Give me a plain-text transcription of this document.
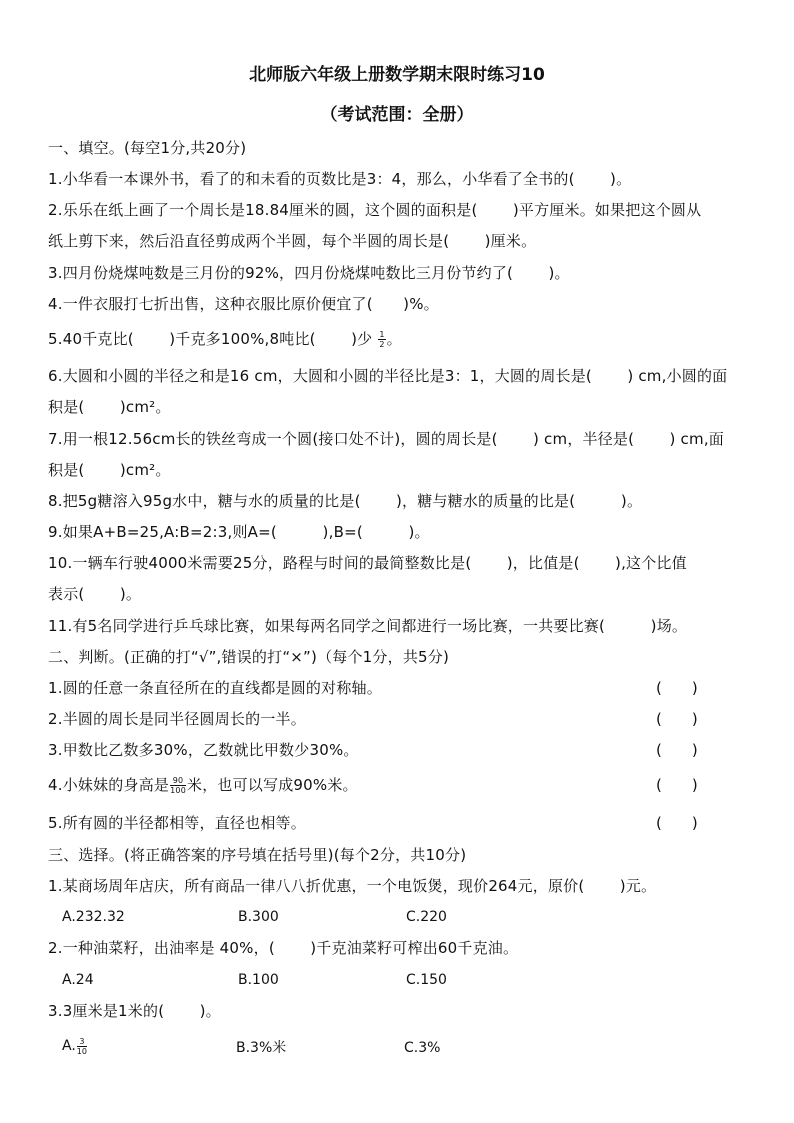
北师版六年级上册数学期末限时练习10
（考试范围：全册）
一、填空。(每空1分,共20分)
1.小华看一本课外书，看了的和未看的页数比是3：4，那么，小华看了全书的(　　 )。
2.乐乐在纸上画了一个周长是18.84厘米的圆，这个圆的面积是(　　 )平方厘米。如果把这个圆从
纸上剪下来，然后沿直径剪成两个半圆，每个半圆的周长是(　　 )厘米。
3.四月份烧煤吨数是三月份的92%，四月份烧煤吨数比三月份节约了(　　 )。
4.一件衣服打七折出售，这种衣服比原价便宜了(　　)%。
5.40千克比(　　 )千克多100%,8吨比(　　 )少 $\frac{1}{2}$ 。
6.大圆和小圆的半径之和是16 cm，大圆和小圆的半径比是3：1，大圆的周长是(　　 ) cm,小圆的面
积是(　　 )cm²。
7.用一根12.56cm长的铁丝弯成一个圆(接口处不计)，圆的周长是(　　 ) cm，半径是(　　 ) cm,面
积是(　　 )cm²。
8.把5g糖溶入95g水中，糖与水的质量的比是(　　 )，糖与糖水的质量的比是(　　　)。
9.如果A+B=25,A:B=2:3,则A=(　　　),B=(　　　)。
10.一辆车行驶4000米需要25分，路程与时间的最简整数比是(　　 )，比值是(　　 ),这个比值
表示(　　 )。
11.有5名同学进行乒乓球比赛，如果每两名同学之间都进行一场比赛，一共要比赛(　　　)场。
二、判断。(正确的打“√”,错误的打“×”)（每个1分，共5分)
1.圆的任意一条直径所在的直线都是圆的对称轴。	(　　)
2.半圆的周长是同半径圆周长的一半。	(　　)
3.甲数比乙数多30%，乙数就比甲数少30%。	(　　)
4.小妹妹的身高是 $\frac{90}{100}$ 米，也可以写成90%米。	(　　)
5.所有圆的半径都相等，直径也相等。	(　　)
三、选择。(将正确答案的序号填在括号里)(每个2分，共10分)
1.某商场周年店庆，所有商品一律八八折优惠，一个电饭煲，现价264元，原价(　　 )元。
A.232.32	B.300	C.220
2.一种油菜籽，出油率是 40%，(　　 )千克油菜籽可榨出60千克油。
A.24	B.100	C.150
3.3厘米是1米的(　　 )。
A. $\frac{3}{10}$	B.3%米	C.3%
